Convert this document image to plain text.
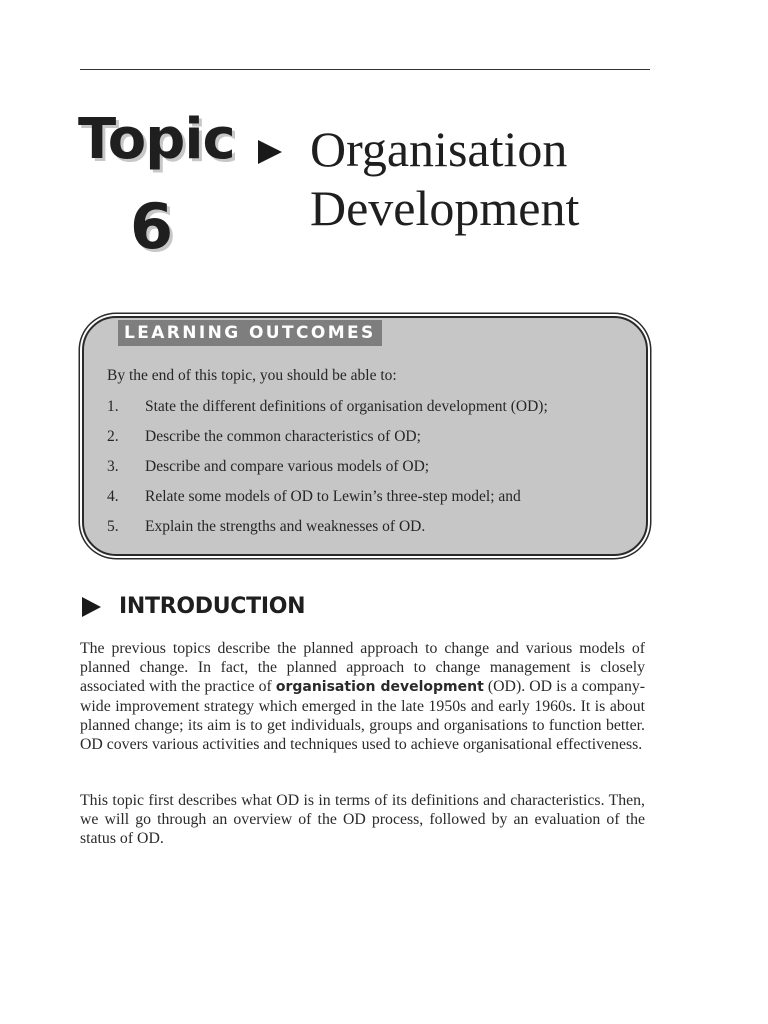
Topic
6
Organisation
Development
LEARNING OUTCOMES
By the end of this topic, you should be able to:
1. State the different definitions of organisation development (OD);
2. Describe the common characteristics of OD;
3. Describe and compare various models of OD;
4. Relate some models of OD to Lewin’s three-step model; and
5. Explain the strengths and weaknesses of OD.
INTRODUCTION

The previous topics describe the planned approach to change and various models of planned change. In fact, the planned approach to change management is closely associated with the practice of organisation development (OD). OD is a company-wide improvement strategy which emerged in the late 1950s and early 1960s. It is about planned change; its aim is to get individuals, groups and organisations to function better. OD covers various activities and techniques used to achieve organisational effectiveness.

This topic first describes what OD is in terms of its definitions and characteristics. Then, we will go through an overview of the OD process, followed by an evaluation of the status of OD.
